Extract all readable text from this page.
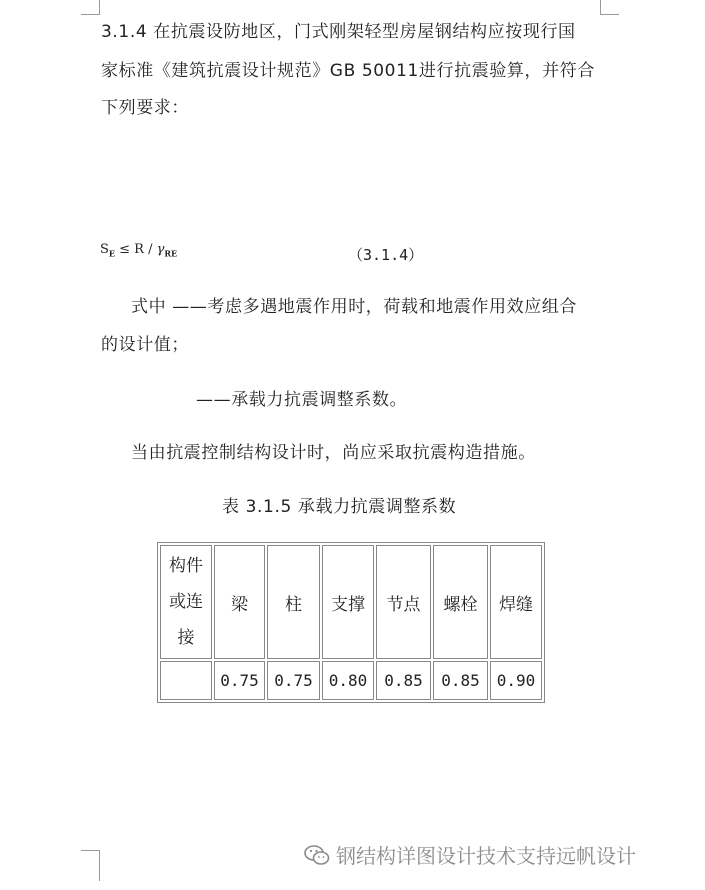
3.1.4 在抗震设防地区，门式刚架轻型房屋钢结构应按现行国
家标准《建筑抗震设计规范》GB 50011进行抗震验算，并符合
下列要求：
$S_E \le R / \gamma_{RE}$	（3.1.4）
式中 ——考虑多遇地震作用时，荷载和地震作用效应组合
的设计值；
——承载力抗震调整系数。
当由抗震控制结构设计时，尚应采取抗震构造措施。
表 3.1.5 承载力抗震调整系数
构件
或连
接	梁	柱	支撑	节点	螺栓	焊缝
	0.75	0.75	0.80	0.85	0.85	0.90
钢结构详图设计技术支持远帆设计
